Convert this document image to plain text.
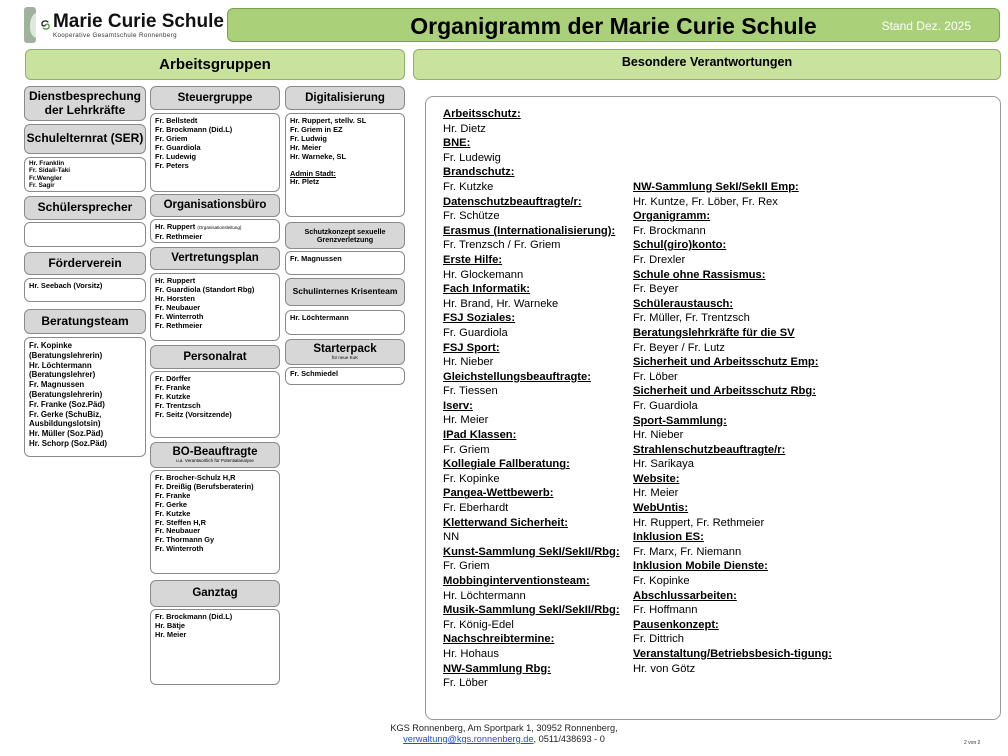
Marie Curie Schule
Kooperative Gesamtschule Ronnenberg	Organigramm der Marie Curie Schule	Stand Dez. 2025
Arbeitsgruppen	Besondere Verantwortungen
Dienstbesprechung der Lehrkräfte
Schulelternrat (SER)
Hr. Franklin
Fr. Sidali-Taki
Fr.Wengler
Fr. Sagir
Schülersprecher
Förderverein
Hr. Seebach (Vorsitz)
Beratungsteam
Fr. Kopinke
(Beratungslehrerin)
Hr. Löchtermann
(Beratungslehrer)
Fr. Magnussen
(Beratungslehrerin)
Fr. Franke (Soz.Päd)
Fr. Gerke (SchuBiz,
Ausbildungslotsin)
Hr. Müller (Soz.Päd)
Hr. Schorp (Soz.Päd)
Steuergruppe
Fr. Bellstedt
Fr. Brockmann (Did.L)
Fr. Griem
Fr. Guardiola
Fr. Ludewig
Fr. Peters
Organisationsbüro
Hr. Ruppert (Organisationsleitung)
Fr. Rethmeier
Vertretungsplan
Hr. Ruppert
Fr. Guardiola (Standort Rbg)
Hr. Horsten
Fr. Neubauer
Fr. Winterroth
Fr. Rethmeier
Personalrat
Fr. Dörffer
Fr. Franke
Fr. Kutzke
Fr. Trentzsch
Fr. Seitz (Vorsitzende)
BO-Beauftragte
u.a. Verantwortlich für Potentialanalyse
Fr. Brocher-Schulz H,R
Fr. Dreißig (Berufsberaterin)
Fr. Franke
Fr. Gerke
Fr. Kutzke
Fr. Steffen H,R
Fr. Neubauer
Fr. Thormann Gy
Fr. Winterroth
Ganztag
Fr. Brockmann (Did.L)
Hr. Bätje
Hr. Meier
Digitalisierung
Hr. Ruppert, stellv. SL
Fr. Griem in EZ
Fr. Ludwig
Hr. Meier
Hr. Warneke, SL
Admin Stadt:
Hr. Pletz
Schutzkonzept sexuelle Grenzverletzung
Fr. Magnussen
Schulinternes Krisenteam
Hr. Löchtermann
Starterpack
für neue KuK
Fr. Schmiedel
Arbeitsschutz:
Hr. Dietz
BNE:
Fr. Ludewig
Brandschutz:
Fr. Kutzke
Datenschutzbeauftragte/r:
Fr. Schütze
Erasmus (Internationalisierung):
Fr. Trenzsch / Fr. Griem
Erste Hilfe:
Hr. Glockemann
Fach Informatik:
Hr. Brand, Hr. Warneke
FSJ Soziales:
Fr. Guardiola
FSJ Sport:
Hr. Nieber
Gleichstellungsbeauftragte:
Fr. Tiessen
Iserv:
Hr. Meier
IPad Klassen:
Fr. Griem
Kollegiale Fallberatung:
Fr. Kopinke
Pangea-Wettbewerb:
Fr. Eberhardt
Kletterwand Sicherheit:
NN
Kunst-Sammlung SekI/SekII/Rbg:
Fr. Griem
Mobbinginterventionsteam:
Hr. Löchtermann
Musik-Sammlung SekI/SekII/Rbg:
Fr. König-Edel
Nachschreibtermine:
Hr. Hohaus
NW-Sammlung Rbg:
Fr. Löber
NW-Sammlung SekI/SekII Emp:
Hr. Kuntze, Fr. Löber, Fr. Rex
Organigramm:
Fr. Brockmann
Schul(giro)konto:
Fr. Drexler
Schule ohne Rassismus:
Fr. Beyer
Schüleraustausch:
Fr. Müller, Fr. Trentzsch
Beratungslehrkräfte für die SV
Fr. Beyer / Fr. Lutz
Sicherheit und Arbeitsschutz Emp:
Fr. Löber
Sicherheit und Arbeitsschutz Rbg:
Fr. Guardiola
Sport-Sammlung:
Hr. Nieber
Strahlenschutzbeauftragte/r:
Hr. Sarikaya
Website:
Hr. Meier
WebUntis:
Hr. Ruppert, Fr. Rethmeier
Inklusion ES:
Fr. Marx, Fr. Niemann
Inklusion Mobile Dienste:
Fr. Kopinke
Abschlussarbeiten:
Fr. Hoffmann
Pausenkonzept:
Fr. Dittrich
Veranstaltung/Betriebsbesich-tigung:
Hr. von Götz
KGS Ronnenberg, Am Sportpark 1, 30952 Ronnenberg,
verwaltung@kgs.ronnenberg.de, 0511/438693 - 0	2 von 2
